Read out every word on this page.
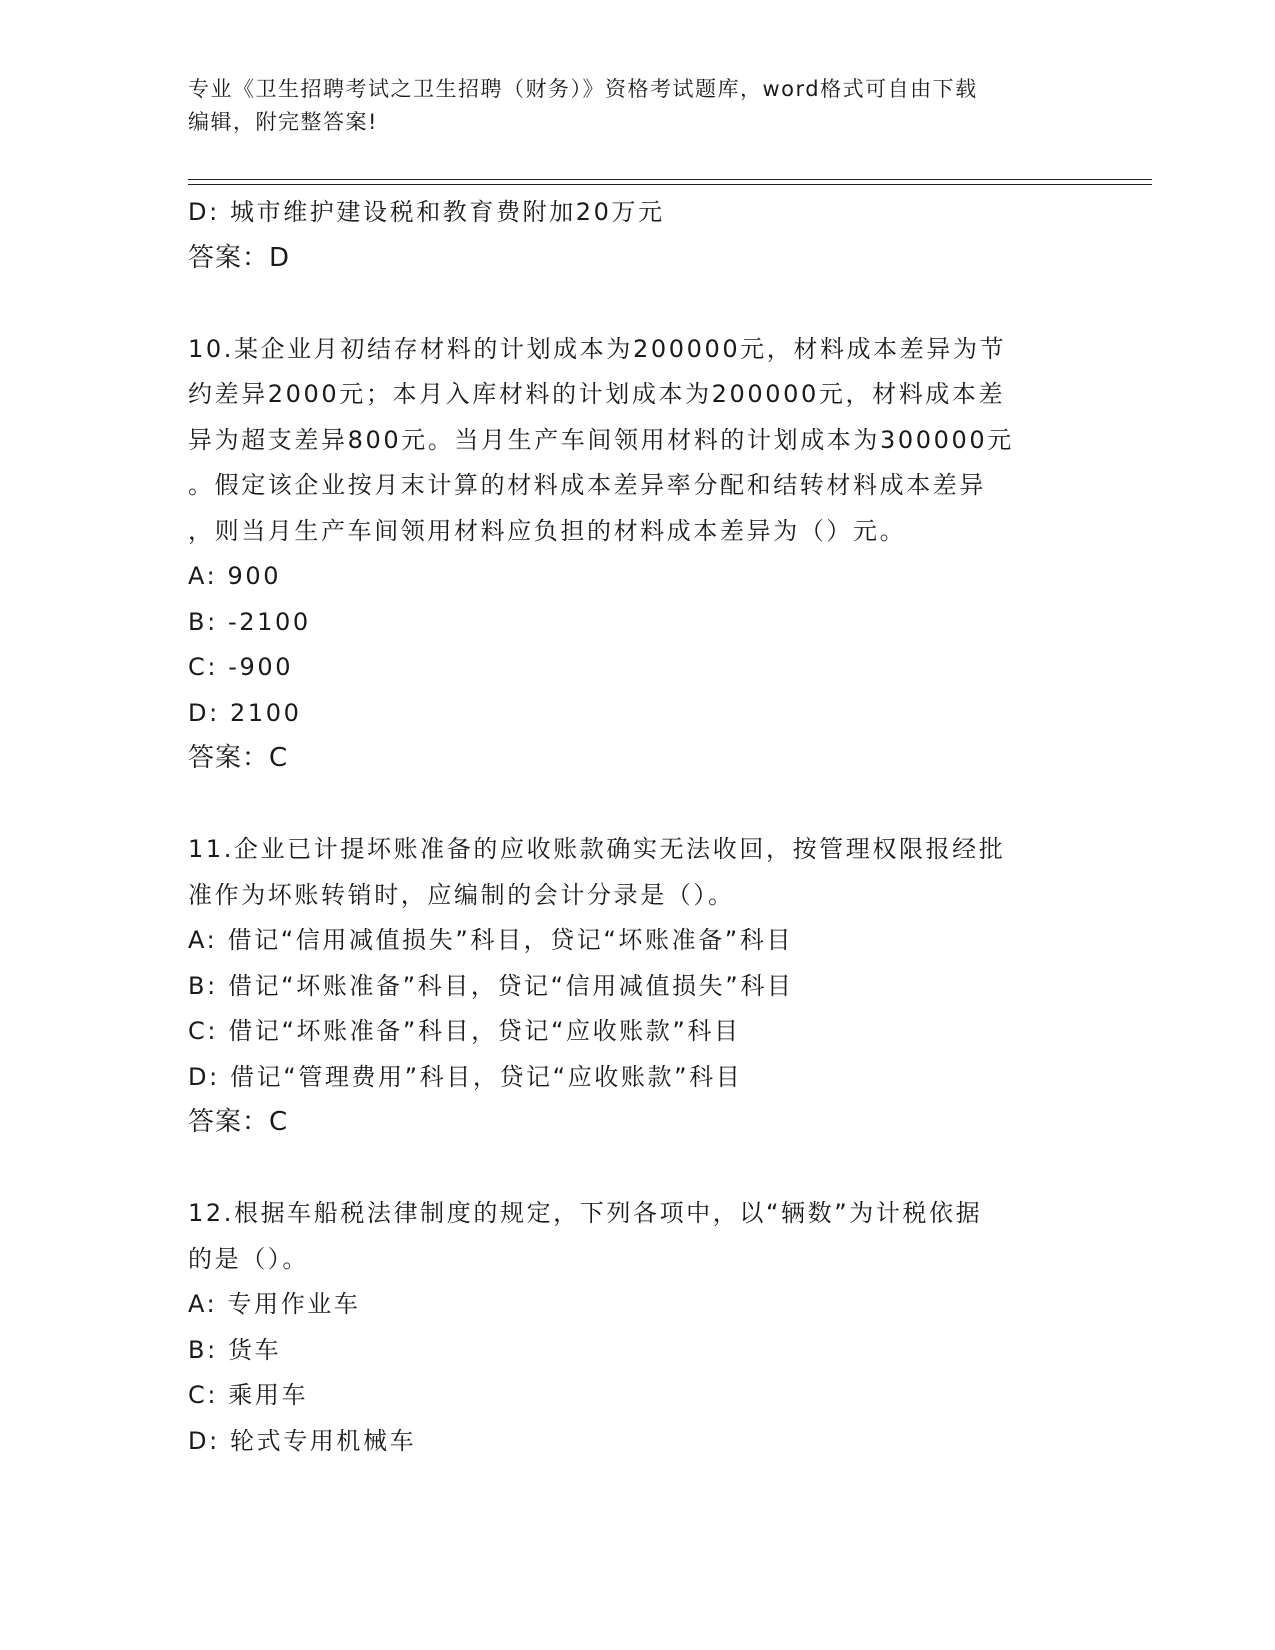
专业《卫生招聘考试之卫生招聘（财务）》资格考试题库，word格式可自由下载
编辑，附完整答案!

D: 城市维护建设税和教育费附加20万元

答案：D

10.某企业月初结存材料的计划成本为200000元，材料成本差异为节

约差异2000元；本月入库材料的计划成本为200000元，材料成本差

异为超支差异800元。当月生产车间领用材料的计划成本为300000元

。假定该企业按月末计算的材料成本差异率分配和结转材料成本差异

，则当月生产车间领用材料应负担的材料成本差异为（）元。

A: 900

B: -2100

C: -900

D: 2100

答案：C

11.企业已计提坏账准备的应收账款确实无法收回，按管理权限报经批

准作为坏账转销时，应编制的会计分录是（）。

A: 借记“信用减值损失”科目，贷记“坏账准备”科目

B: 借记“坏账准备”科目，贷记“信用减值损失”科目

C: 借记“坏账准备”科目，贷记“应收账款”科目

D: 借记“管理费用”科目，贷记“应收账款”科目

答案：C

12.根据车船税法律制度的规定，下列各项中，以“辆数”为计税依据

的是（）。

A: 专用作业车

B: 货车

C: 乘用车

D: 轮式专用机械车
